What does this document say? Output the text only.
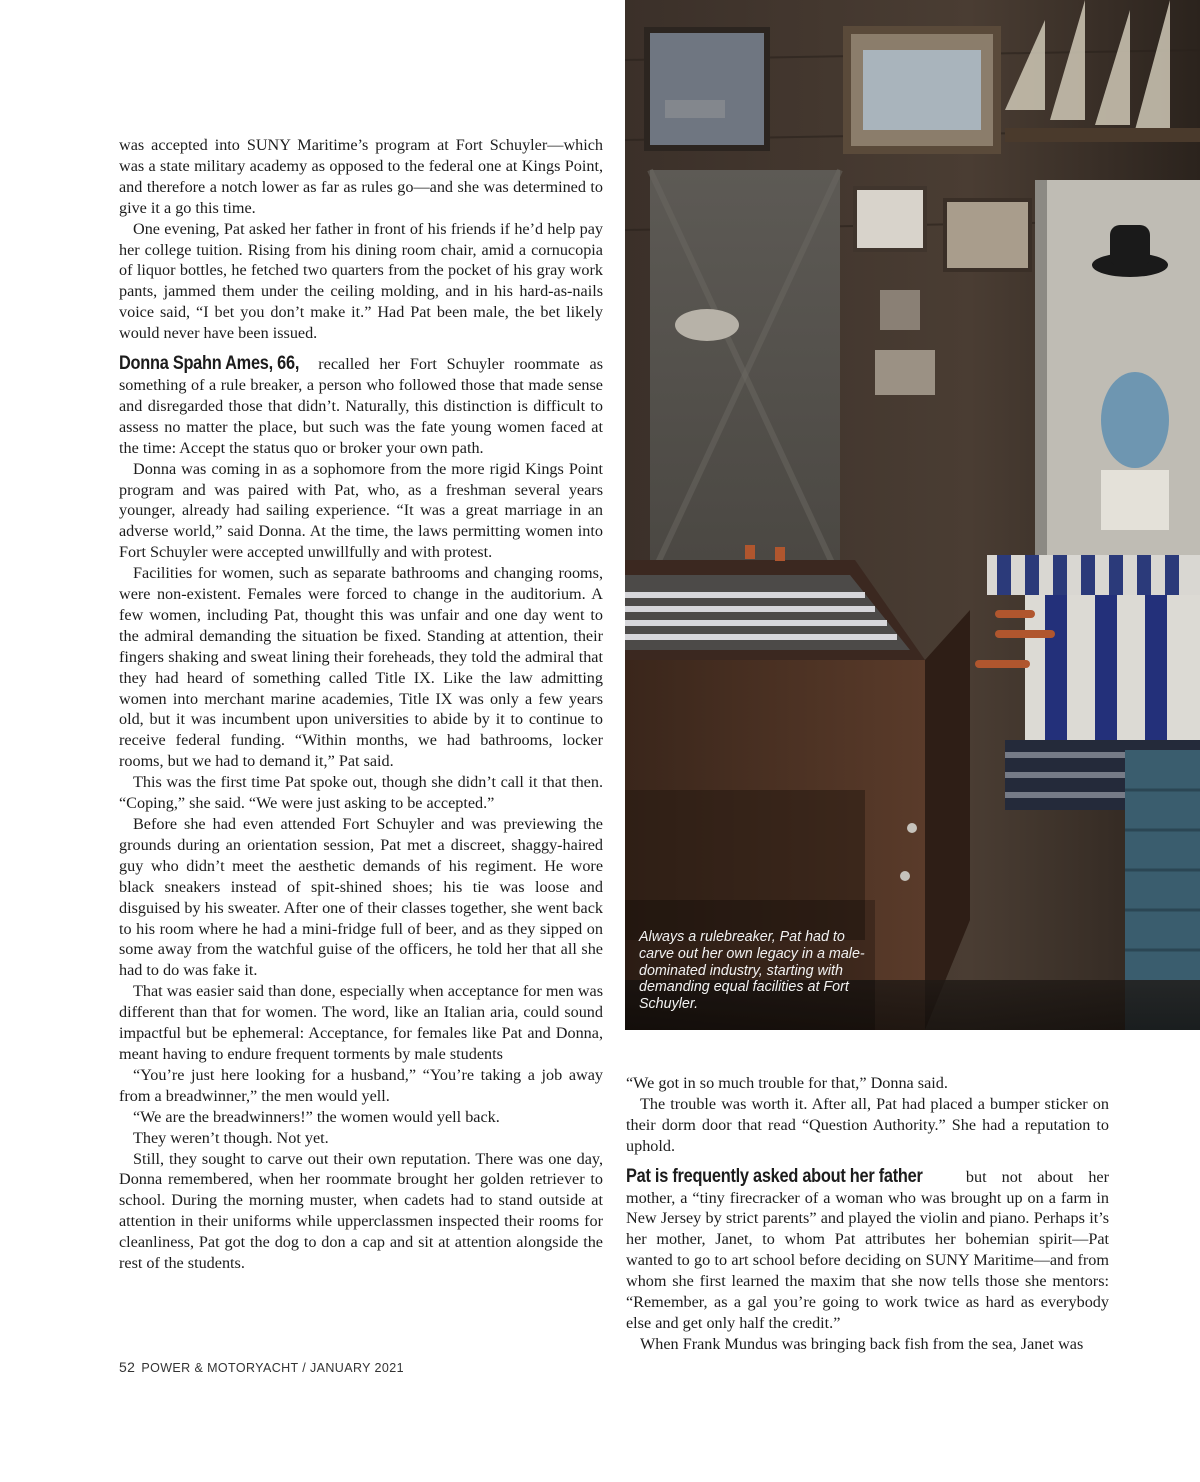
was accepted into SUNY Maritime’s program at Fort Schuyler—which was a state military academy as opposed to the federal one at Kings Point, and therefore a notch lower as far as rules go—and she was determined to give it a go this time.

One evening, Pat asked her father in front of his friends if he’d help pay her college tuition. Rising from his dining room chair, amid a cornucopia of liquor bottles, he fetched two quarters from the pocket of his gray work pants, jammed them under the ceiling molding, and in his hard-as-nails voice said, “I bet you don’t make it.” Had Pat been male, the bet likely would never have been issued.

Donna Spahn Ames, 66, recalled her Fort Schuyler roommate as something of a rule breaker, a person who followed those that made sense and disregarded those that didn’t. Naturally, this distinction is difficult to assess no matter the place, but such was the fate young women faced at the time: Accept the status quo or broker your own path.

Donna was coming in as a sophomore from the more rigid Kings Point program and was paired with Pat, who, as a freshman several years younger, already had sailing experience. “It was a great marriage in an adverse world,” said Donna. At the time, the laws permitting women into Fort Schuyler were accepted unwillfully and with protest.

Facilities for women, such as separate bathrooms and changing rooms, were non-existent. Females were forced to change in the auditorium. A few women, including Pat, thought this was unfair and one day went to the admiral demanding the situation be fixed. Standing at attention, their fingers shaking and sweat lining their foreheads, they told the admiral that they had heard of something called Title IX. Like the law admitting women into merchant marine academies, Title IX was only a few years old, but it was incumbent upon universities to abide by it to continue to receive federal funding. “Within months, we had bathrooms, locker rooms, but we had to demand it,” Pat said.

This was the first time Pat spoke out, though she didn’t call it that then. “Coping,” she said. “We were just asking to be accepted.”

Before she had even attended Fort Schuyler and was previewing the grounds during an orientation session, Pat met a discreet, shaggy-haired guy who didn’t meet the aesthetic demands of his regiment. He wore black sneakers instead of spit-shined shoes; his tie was loose and disguised by his sweater. After one of their classes together, she went back to his room where he had a mini-fridge full of beer, and as they sipped on some away from the watchful guise of the officers, he told her that all she had to do was fake it.

That was easier said than done, especially when acceptance for men was different than that for women. The word, like an Italian aria, could sound impactful but be ephemeral: Acceptance, for females like Pat and Donna, meant having to endure frequent torments by male students

“You’re just here looking for a husband,” “You’re taking a job away from a breadwinner,” the men would yell.

“We are the breadwinners!” the women would yell back.

They weren’t though. Not yet.

Still, they sought to carve out their own reputation. There was one day, Donna remembered, when her roommate brought her golden retriever to school. During the morning muster, when cadets had to stand outside at attention in their uniforms while upperclassmen inspected their rooms for cleanliness, Pat got the dog to don a cap and sit at attention alongside the rest of the students.

Always a rulebreaker, Pat had to carve out her own legacy in a male-dominated industry, starting with demanding equal facilities at Fort Schuyler.

“We got in so much trouble for that,” Donna said.

The trouble was worth it. After all, Pat had placed a bumper sticker on their dorm door that read “Question Authority.” She had a reputation to uphold.

Pat is frequently asked about her father	but not about her mother, a “tiny firecracker of a woman who was brought up on a farm in New Jersey by strict parents” and played the violin and piano. Perhaps it’s her mother, Janet, to whom Pat attributes her bohemian spirit—Pat wanted to go to art school before deciding on SUNY Maritime—and from whom she first learned the maxim that she now tells those she mentors: “Remember, as a gal you’re going to work twice as hard as everybody else and get only half the credit.”

When Frank Mundus was bringing back fish from the sea, Janet was

52 POWER & MOTORYACHT / JANUARY 2021
